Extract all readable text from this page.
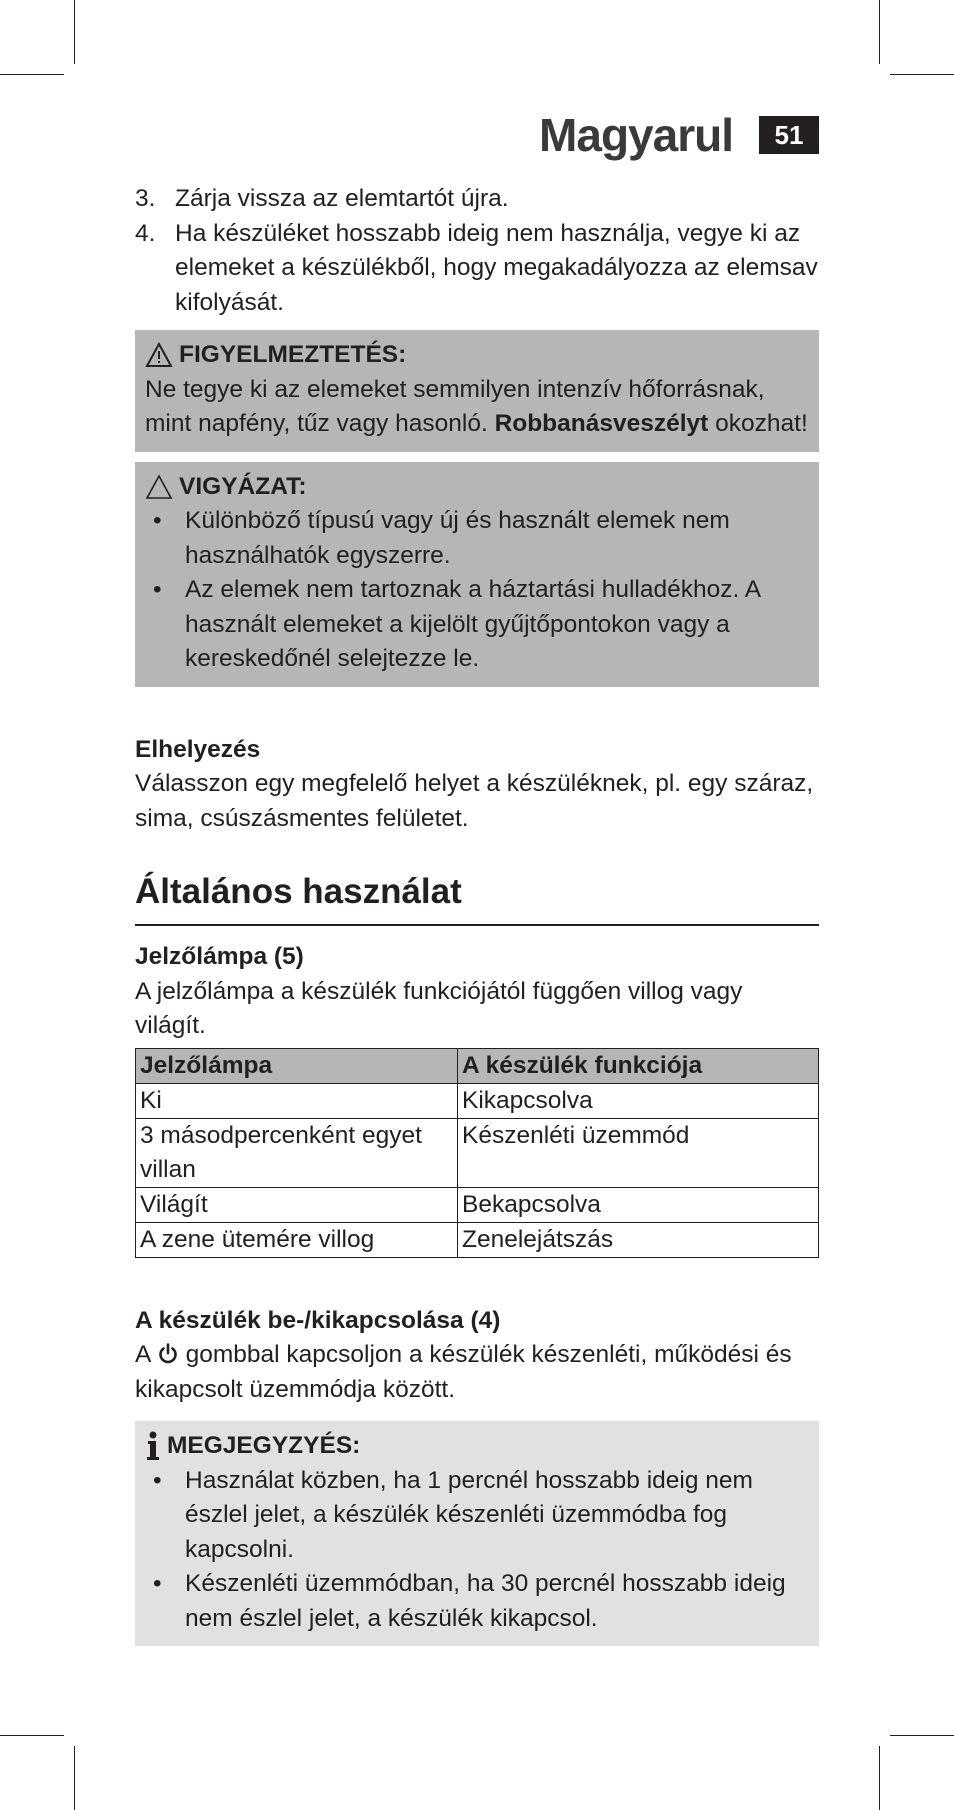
Magyarul	51
3. Zárja vissza az elemtartót újra.
4. Ha készüléket hosszabb ideig nem használja, vegye ki az elemeket a készülékből, hogy megakadályozza az elemsav kifolyását.
FIGYELMEZTETÉS:
Ne tegye ki az elemeket semmilyen intenzív hőforrásnak, mint napfény, tűz vagy hasonló. Robbanásveszélyt okozhat!
VIGYÁZAT:
• Különböző típusú vagy új és használt elemek nem használhatók egyszerre.
• Az elemek nem tartoznak a háztartási hulladékhoz. A használt elemeket a kijelölt gyűjtőpontokon vagy a kereskedőnél selejtezze le.
Elhelyezés
Válasszon egy megfelelő helyet a készüléknek, pl. egy száraz, sima, csúszásmentes felületet.
Általános használat
Jelzőlámpa (5)
A jelzőlámpa a készülék funkciójától függően villog vagy világít.
Jelzőlámpa	A készülék funkciója
Ki	Kikapcsolva
3 másodpercenként egyet villan	Készenléti üzemmód
Világít	Bekapcsolva
A zene ütemére villog	Zenelejátszás
A készülék be-/kikapcsolása (4)
A  gombbal kapcsoljon a készülék készenléti, működési és kikapcsolt üzemmódja között.
MEGJEGYZYÉS:
• Használat közben, ha 1 percnél hosszabb ideig nem észlel jelet, a készülék készenléti üzemmódba fog kapcsolni.
• Készenléti üzemmódban, ha 30 percnél hosszabb ideig nem észlel jelet, a készülék kikapcsol.
